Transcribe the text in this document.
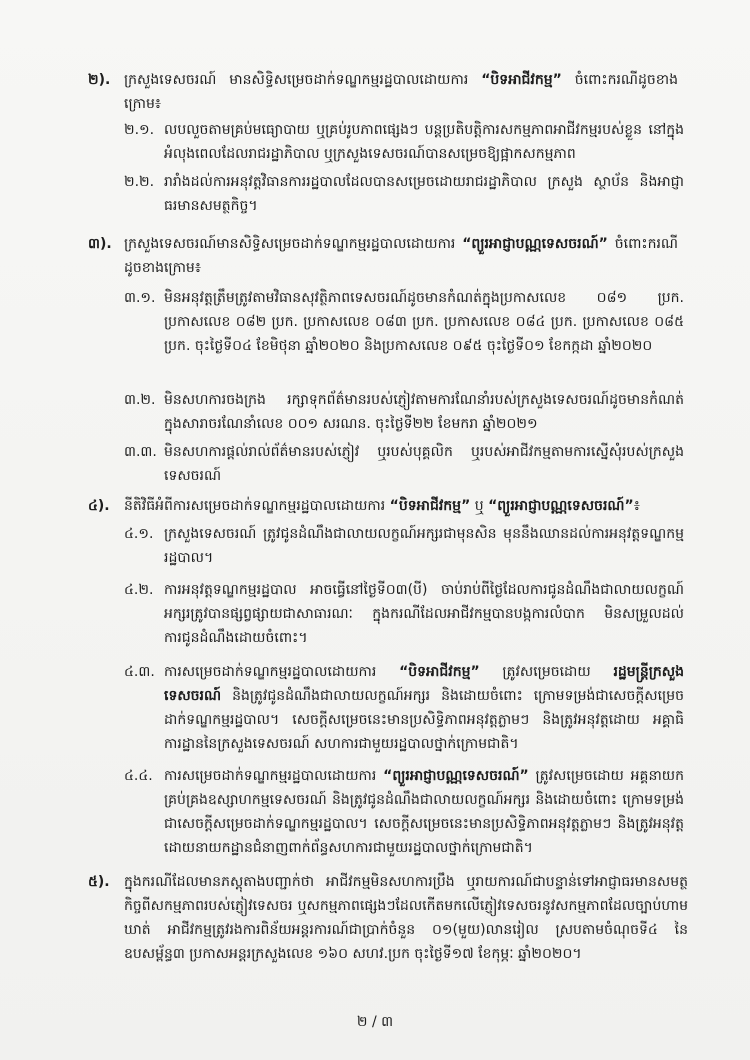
២). ក្រសួងទេសចរណ៍ មានសិទ្ធិសម្រេចដាក់ទណ្ឌកម្មរដ្ឋបាលដោយការ “បិទអាជីវកម្ម” ចំពោះករណីដូចខាងក្រោម៖
២.១. លបលួចតាមគ្រប់មធ្យោបាយ ឬគ្រប់រូបភាពផ្សេងៗ បន្តប្រតិបត្តិការសកម្មភាពអាជីវកម្មរបស់ខ្លួន នៅក្នុងអំលុងពេលដែលរាជរដ្ឋាភិបាល ឬក្រសួងទេសចរណ៍បានសម្រេចឱ្យផ្អាកសកម្មភាព
២.២. រារាំងដល់ការអនុវត្តវិធានការរដ្ឋបាលដែលបានសម្រេចដោយរាជរដ្ឋាភិបាល ក្រសួង ស្ថាប័ន និងអាជ្ញាធរមានសមត្ថកិច្ច។
៣). ក្រសួងទេសចរណ៍មានសិទ្ធិសម្រេចដាក់ទណ្ឌកម្មរដ្ឋបាលដោយការ “ព្យួរអាជ្ញាបណ្ណទេសចរណ៍” ចំពោះករណីដូចខាងក្រោម៖
៣.១. មិនអនុវត្តត្រឹមត្រូវតាមវិធានសុវត្ថិភាពទេសចរណ៍ដូចមានកំណត់ក្នុងប្រកាសលេខ ០៨១ ប្រក. ប្រកាសលេខ ០៨២ ប្រក. ប្រកាសលេខ ០៨៣ ប្រក. ប្រកាសលេខ ០៨៤ ប្រក. ប្រកាសលេខ ០៨៥ ប្រក. ចុះថ្ងៃទី០៤ ខែមិថុនា ឆ្នាំ២០២០ និងប្រកាសលេខ ០៩៥ ចុះថ្ងៃទី០១ ខែកក្កដា ឆ្នាំ២០២០
៣.២. មិនសហការចងក្រង រក្សាទុកព័ត៌មានរបស់ភ្ញៀវតាមការណែនាំរបស់ក្រសួងទេសចរណ៍ដូចមានកំណត់ក្នុងសារាចរណែនាំលេខ ០០១ សរណន. ចុះថ្ងៃទី២២ ខែមករា ឆ្នាំ២០២១
៣.៣. មិនសហការផ្តល់រាល់ព័ត៌មានរបស់ភ្ញៀវ ឬរបស់បុគ្គលិក ឬរបស់អាជីវកម្មតាមការស្នើសុំរបស់ក្រសួងទេសចរណ៍
៤). នីតិវិធីអំពីការសម្រេចដាក់ទណ្ឌកម្មរដ្ឋបាលដោយការ “បិទអាជីវកម្ម” ឬ “ព្យួរអាជ្ញាបណ្ណទេសចរណ៍”៖
៤.១. ក្រសួងទេសចរណ៍ ត្រូវជូនដំណឹងជាលាយលក្ខណ៍អក្សរជាមុនសិន មុននឹងឈានដល់ការអនុវត្តទណ្ឌកម្មរដ្ឋបាល។
៤.២. ការអនុវត្តទណ្ឌកម្មរដ្ឋបាល អាចធ្វើនៅថ្ងៃទី០៣(បី) ចាប់រាប់ពីថ្ងៃដែលការជូនដំណឹងជាលាយលក្ខណ៍អក្សរត្រូវបានផ្សព្វផ្សាយជាសាធារណៈ ក្នុងករណីដែលអាជីវកម្មបានបង្កការលំបាក មិនសម្រួលដល់ការជូនដំណឹងដោយចំពោះ។
៤.៣. ការសម្រេចដាក់ទណ្ឌកម្មរដ្ឋបាលដោយការ “បិទអាជីវកម្ម” ត្រូវសម្រេចដោយ រដ្ឋមន្ត្រីក្រសួងទេសចរណ៍ និងត្រូវជូនដំណឹងជាលាយលក្ខណ៍អក្សរ និងដោយចំពោះ ក្រោមទម្រង់ជាសេចក្តីសម្រេចដាក់ទណ្ឌកម្មរដ្ឋបាល។ សេចក្តីសម្រេចនេះមានប្រសិទ្ធិភាពអនុវត្តភ្លាមៗ និងត្រូវអនុវត្តដោយ អគ្គាធិការដ្ឋាននៃក្រសួងទេសចរណ៍ សហការជាមួយរដ្ឋបាលថ្នាក់ក្រោមជាតិ។
៤.៤. ការសម្រេចដាក់ទណ្ឌកម្មរដ្ឋបាលដោយការ “ព្យួរអាជ្ញាបណ្ណទេសចរណ៍” ត្រូវសម្រេចដោយ អគ្គនាយកគ្រប់គ្រងឧស្សាហកម្មទេសចរណ៍ និងត្រូវជូនដំណឹងជាលាយលក្ខណ៍អក្សរ និងដោយចំពោះ ក្រោមទម្រង់ជាសេចក្តីសម្រេចដាក់ទណ្ឌកម្មរដ្ឋបាល។ សេចក្តីសម្រេចនេះមានប្រសិទ្ធិភាពអនុវត្តភ្លាមៗ និងត្រូវអនុវត្តដោយនាយកដ្ឋានជំនាញពាក់ព័ន្ធសហការជាមួយរដ្ឋបាលថ្នាក់ក្រោមជាតិ។
៥). ក្នុងករណីដែលមានភស្តុតាងបញ្ជាក់ថា អាជីវកម្មមិនសហការប្រឹង ឬរាយការណ៍ជាបន្ទាន់ទៅអាជ្ញាធរមានសមត្ថកិច្ចពីសកម្មភាពរបស់ភ្ញៀវទេសចរ ឬសកម្មភាពផ្សេងៗដែលកើតមកលើភ្ញៀវទេសចរនូវសកម្មភាពដែលច្បាប់ហាមឃាត់ អាជីវកម្មត្រូវរងការពិន័យអន្តរការណ៍ជាប្រាក់ចំនួន ០១(មួយ)លានរៀល ស្របតាមចំណុចទី៤ នៃឧបសម្ព័ន្ធ៣ ប្រកាសអន្តរក្រសួងលេខ ១៦០ សហវ.ប្រក ចុះថ្ងៃទី១៧ ខែកុម្ភៈ ឆ្នាំ២០២០។
២ / ៣
